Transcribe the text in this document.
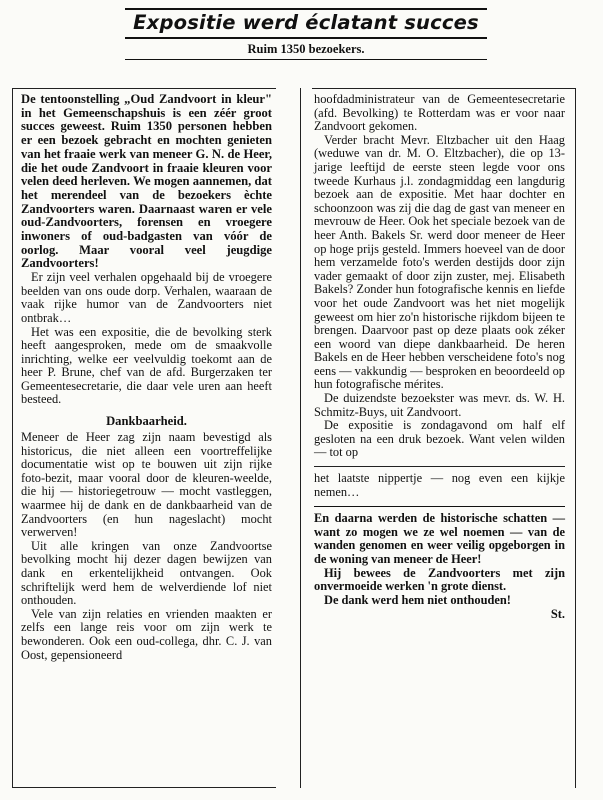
Expositie werd éclatant succes
Ruim 1350 bezoekers.

De tentoonstelling „Oud Zandvoort in kleur" in het Gemeenschapshuis is een zéér groot succes geweest. Ruim 1350 personen hebben er een bezoek gebracht en mochten genieten van het fraaie werk van meneer G. N. de Heer, die het oude Zandvoort in fraaie kleuren voor velen deed herleven. We mogen aannemen, dat het merendeel van de bezoekers èchte Zandvoorters waren. Daarnaast waren er vele oud-Zandvoorters, forensen en vroegere inwoners of oud-badgasten van vóór de oorlog. Maar vooral veel jeugdige Zandvoorters!

Er zijn veel verhalen opgehaald bij de vroegere beelden van ons oude dorp. Verhalen, waaraan de vaak rijke humor van de Zandvoorters niet ontbrak…

Het was een expositie, die de bevolking sterk heeft aangesproken, mede om de smaakvolle inrichting, welke eer veelvuldig toekomt aan de heer P. Brune, chef van de afd. Burgerzaken ter Gemeentesecretarie, die daar vele uren aan heeft besteed.

Dankbaarheid.

Meneer de Heer zag zijn naam bevestigd als historicus, die niet alleen een voortreffelijke documentatie wist op te bouwen uit zijn rijke foto-bezit, maar vooral door de kleuren-weelde, die hij — historiegetrouw — mocht vastleggen, waarmee hij de dank en de dankbaarheid van de Zandvoorters (en hun nageslacht) mocht verwerven!

Uit alle kringen van onze Zandvoortse bevolking mocht hij dezer dagen bewijzen van dank en erkentelijkheid ontvangen. Ook schriftelijk werd hem de welverdiende lof niet onthouden.

Vele van zijn relaties en vrienden maakten er zelfs een lange reis voor om zijn werk te bewonderen. Ook een oud-collega, dhr. C. J. van Oost, gepensioneerd

hoofdadministrateur van de Gemeentesecretarie (afd. Bevolking) te Rotterdam was er voor naar Zandvoort gekomen.

Verder bracht Mevr. Eltzbacher uit den Haag (weduwe van dr. M. O. Eltzbacher), die op 13-jarige leeftijd de eerste steen legde voor ons tweede Kurhaus j.l. zondagmiddag een langdurig bezoek aan de expositie. Met haar dochter en schoonzoon was zij die dag de gast van meneer en mevrouw de Heer. Ook het speciale bezoek van de heer Anth. Bakels Sr. werd door meneer de Heer op hoge prijs gesteld. Immers hoeveel van de door hem verzamelde foto's werden destijds door zijn vader gemaakt of door zijn zuster, mej. Elisabeth Bakels? Zonder hun fotografische kennis en liefde voor het oude Zandvoort was het niet mogelijk geweest om hier zo'n historische rijkdom bijeen te brengen. Daarvoor past op deze plaats ook zéker een woord van diepe dankbaarheid. De heren Bakels en de Heer hebben verscheidene foto's nog eens — vakkundig — besproken en beoordeeld op hun fotografische mérites.

De duizendste bezoekster was mevr. ds. W. H. Schmitz-Buys, uit Zandvoort.

De expositie is zondagavond om half elf gesloten na een druk bezoek. Want velen wilden — tot op

het laatste nippertje — nog even een kijkje nemen…

En daarna werden de historische schatten — want zo mogen we ze wel noemen — van de wanden genomen en weer veilig opgeborgen in de woning van meneer de Heer!

Hij bewees de Zandvoorters met zijn onvermoeide werken 'n grote dienst.

De dank werd hem niet onthouden!

St.
